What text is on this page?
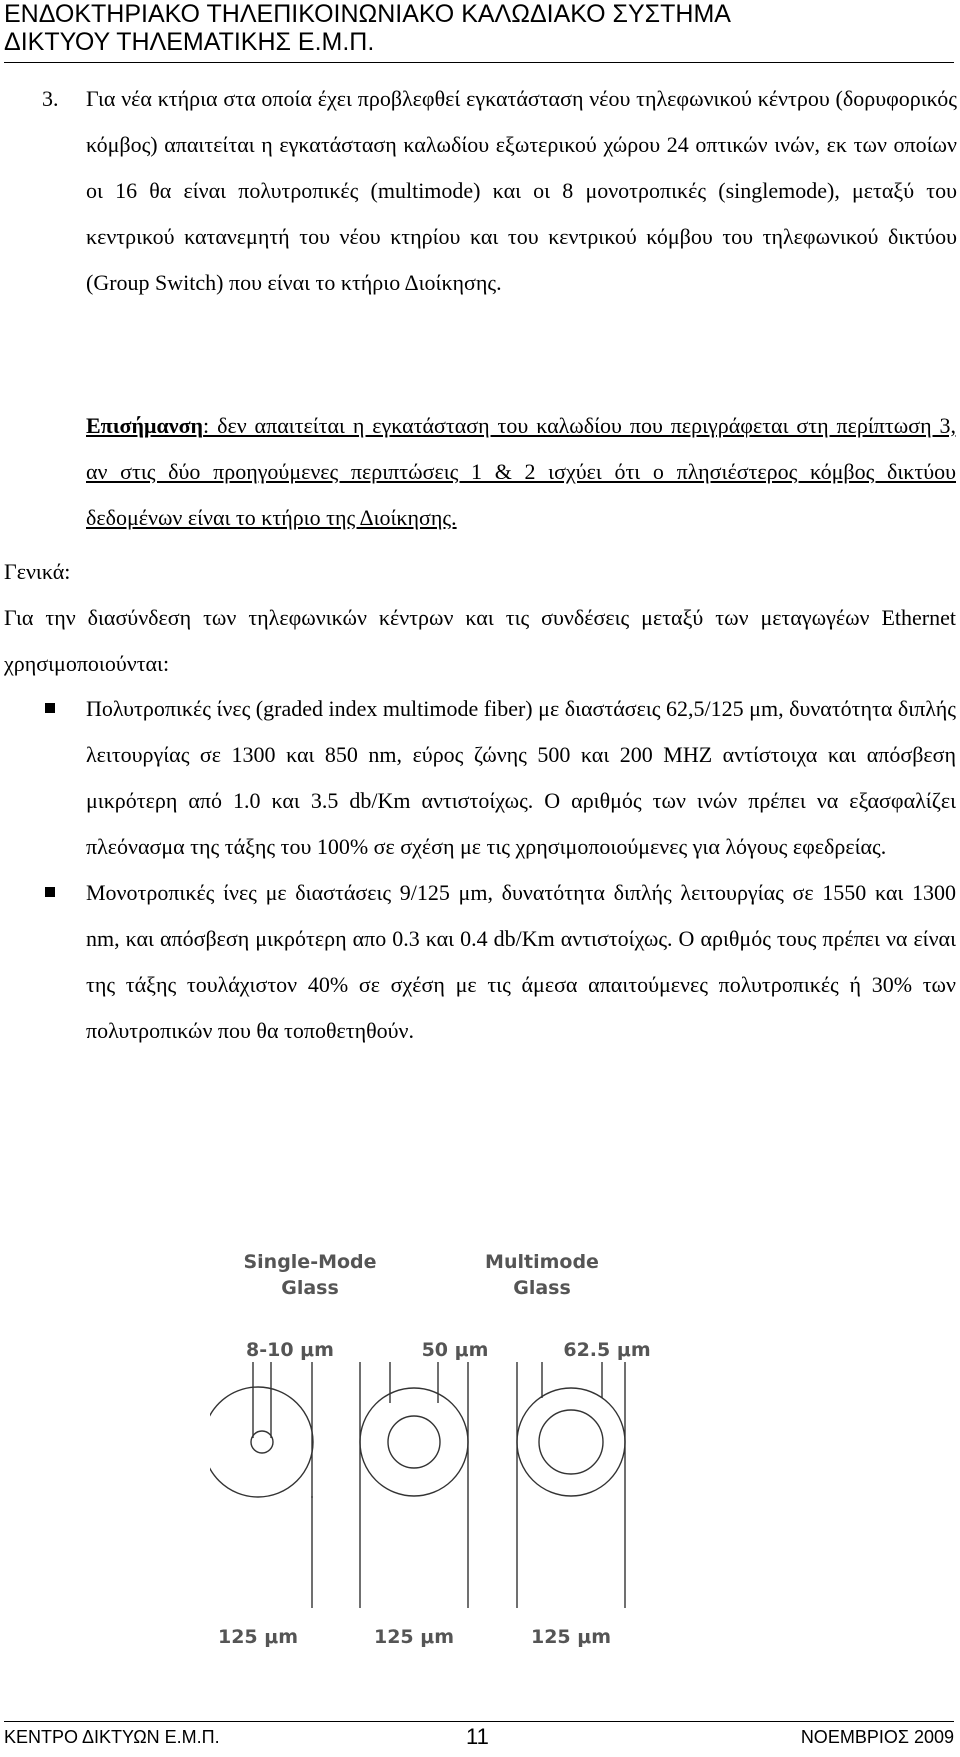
ΕΝΔΟΚΤΗΡΙΑΚΟ ΤΗΛΕΠΙΚΟΙΝΩΝΙΑΚΟ ΚΑΛΩΔΙΑΚΟ ΣΥΣΤΗΜΑ
ΔΙΚΤΥΟΥ ΤΗΛΕΜΑΤΙΚΗΣ Ε.Μ.Π.
3. Για νέα κτήρια στα οποία έχει προβλεφθεί εγκατάσταση νέου τηλεφωνικού κέντρου (δορυφορικός κόμβος) απαιτείται η εγκατάσταση καλωδίου εξωτερικού χώρου 24 οπτικών ινών, εκ των οποίων οι 16 θα είναι πολυτροπικές (multimode) και οι 8 μονοτροπικές (singlemode), μεταξύ του κεντρικού κατανεμητή του νέου κτηρίου και του κεντρικού κόμβου του τηλεφωνικού δικτύου (Group Switch) που είναι το κτήριο Διοίκησης.
Επισήμανση: δεν απαιτείται η εγκατάσταση του καλωδίου που περιγράφεται στη περίπτωση 3, αν στις δύο προηγούμενες περιπτώσεις 1 & 2 ισχύει ότι ο πλησιέστερος κόμβος δικτύου δεδομένων είναι το κτήριο της Διοίκησης.
Γενικά:
Για την διασύνδεση των τηλεφωνικών κέντρων και τις συνδέσεις μεταξύ των μεταγωγέων Ethernet χρησιμοποιούνται:
Πολυτροπικές ίνες (graded index multimode fiber) με διαστάσεις 62,5/125 μm, δυνατότητα διπλής λειτουργίας σε 1300 και 850 nm, εύρος ζώνης 500 και 200 MHZ αντίστοιχα και απόσβεση μικρότερη από 1.0 και 3.5 db/Km αντιστοίχως. Ο αριθμός των ινών πρέπει να εξασφαλίζει πλεόνασμα της τάξης του 100% σε σχέση με τις χρησιμοποιούμενες για λόγους εφεδρείας.
Μονοτροπικές ίνες με διαστάσεις 9/125 μm, δυνατότητα διπλής λειτουργίας σε 1550 και 1300 nm, και απόσβεση μικρότερη απο 0.3 και 0.4 db/Km αντιστοίχως. Ο αριθμός τους πρέπει να είναι της τάξης τουλάχιστον 40% σε σχέση με τις άμεσα απαιτούμενες πολυτροπικές ή 30% των πολυτροπικών που θα τοποθετηθούν.
Single-Mode
Glass
Multimode
Glass
8-10 μm	50 μm	62.5 μm
125 μm	125 μm	125 μm
ΚΕΝΤΡΟ ΔΙΚΤΥΩΝ Ε.Μ.Π.	11	ΝΟΕΜΒΡΙΟΣ 2009
